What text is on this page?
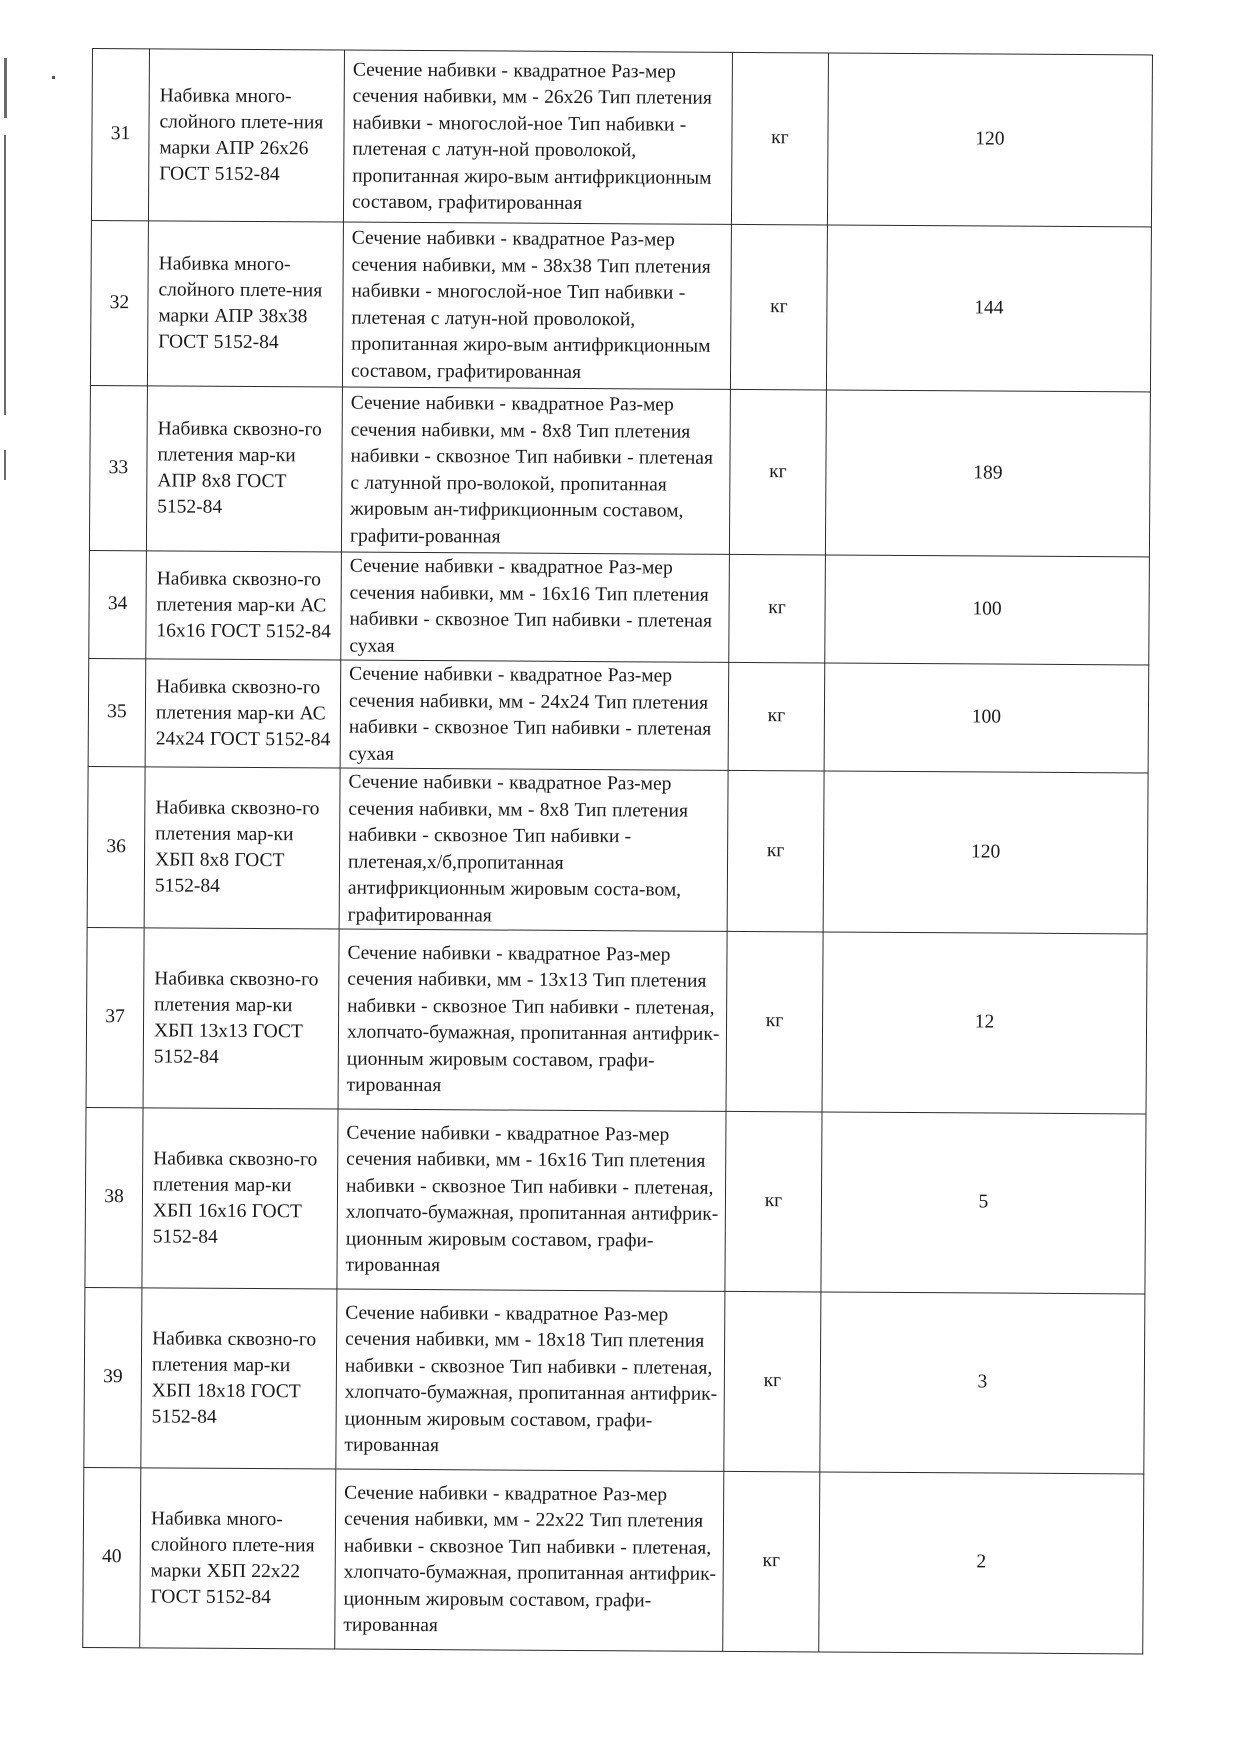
31	Набивка много-слойного плете-ния марки АПР 26х26 ГОСТ 5152-84	Сечение набивки - квадратное Раз-мер сечения набивки, мм - 26х26 Тип плетения набивки - многослой-ное Тип набивки - плетеная с латун-ной проволокой, пропитанная жиро-вым антифрикционным составом, графитированная	кг	120

32	Набивка много-слойного плете-ния марки АПР 38х38 ГОСТ 5152-84	Сечение набивки - квадратное Раз-мер сечения набивки, мм - 38х38 Тип плетения набивки - многослой-ное Тип набивки - плетеная с латун-ной проволокой, пропитанная жиро-вым антифрикционным составом, графитированная	кг	144

33	Набивка сквозно-го плетения мар-ки АПР 8х8 ГОСТ 5152-84	Сечение набивки - квадратное Раз-мер сечения набивки, мм - 8х8 Тип плетения набивки - сквозное Тип набивки - плетеная с латунной про-волокой, пропитанная жировым ан-тифрикционным составом, графити-рованная	кг	189

34	Набивка сквозно-го плетения мар-ки АС 16х16 ГОСТ 5152-84	Сечение набивки - квадратное Раз-мер сечения набивки, мм - 16х16 Тип плетения набивки - сквозное Тип набивки - плетеная сухая	кг	100

35	Набивка сквозно-го плетения мар-ки АС 24х24 ГОСТ 5152-84	Сечение набивки - квадратное Раз-мер сечения набивки, мм - 24х24 Тип плетения набивки - сквозное Тип набивки - плетеная сухая	кг	100

36	Набивка сквозно-го плетения мар-ки ХБП 8х8 ГОСТ 5152-84	Сечение набивки - квадратное Раз-мер сечения набивки, мм - 8х8 Тип плетения набивки - сквозное Тип набивки - плетеная,х/б,пропитанная антифрикционным жировым соста-вом, графитированная	кг	120

37	Набивка сквозно-го плетения мар-ки ХБП 13х13 ГОСТ 5152-84	Сечение набивки - квадратное Раз-мер сечения набивки, мм - 13х13 Тип плетения набивки - сквозное Тип набивки - плетеная, хлопчато-бумажная, пропитанная антифрик-ционным жировым составом, графи-тированная	кг	12

38	Набивка сквозно-го плетения мар-ки ХБП 16х16 ГОСТ 5152-84	Сечение набивки - квадратное Раз-мер сечения набивки, мм - 16х16 Тип плетения набивки - сквозное Тип набивки - плетеная, хлопчато-бумажная, пропитанная антифрик-ционным жировым составом, графи-тированная	кг	5

39	Набивка сквозно-го плетения мар-ки ХБП 18х18 ГОСТ 5152-84	Сечение набивки - квадратное Раз-мер сечения набивки, мм - 18х18 Тип плетения набивки - сквозное Тип набивки - плетеная, хлопчато-бумажная, пропитанная антифрик-ционным жировым составом, графи-тированная	кг	3

40	Набивка много-слойного плете-ния марки ХБП 22х22 ГОСТ 5152-84	Сечение набивки - квадратное Раз-мер сечения набивки, мм - 22х22 Тип плетения набивки - сквозное Тип набивки - плетеная, хлопчато-бумажная, пропитанная антифрик-ционным жировым составом, графи-тированная	кг	2
